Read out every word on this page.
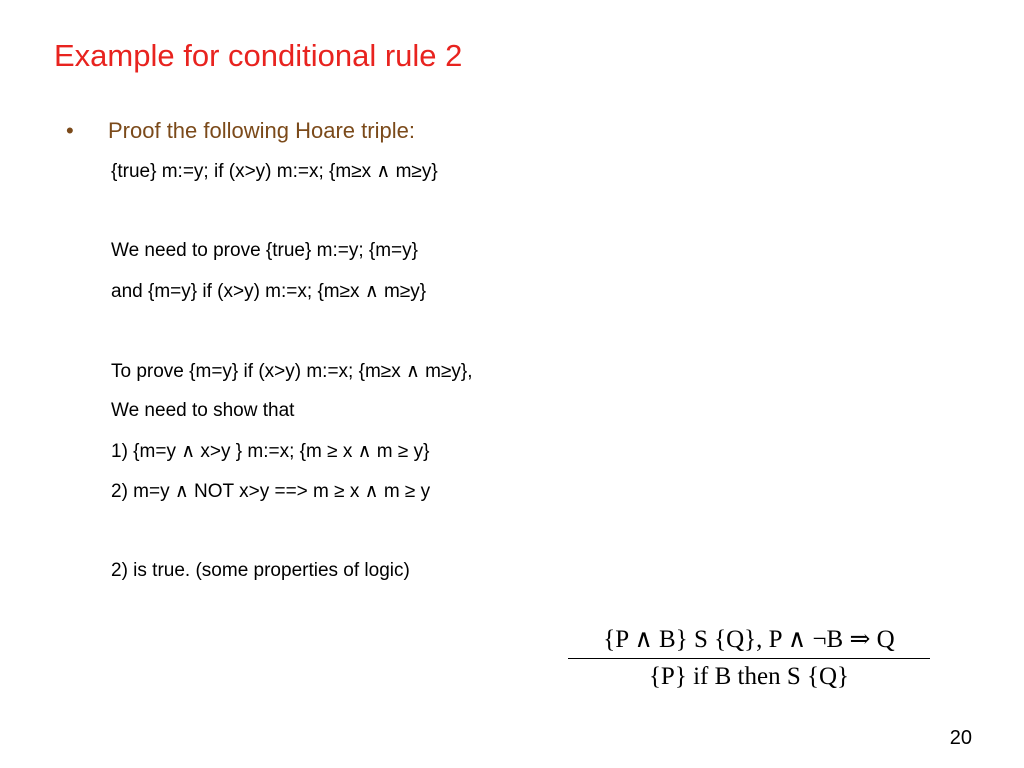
Example for conditional rule 2
• Proof the following Hoare triple:
{true} m:=y; if (x>y) m:=x; {m≥x ∧ m≥y}
We need to prove {true} m:=y; {m=y}
and {m=y} if (x>y) m:=x; {m≥x ∧ m≥y}
To prove {m=y} if (x>y) m:=x; {m≥x ∧ m≥y},
We need to show that
1) {m=y ∧ x>y } m:=x; {m ≥ x ∧ m ≥ y}
2) m=y ∧ NOT x>y ==> m ≥ x ∧ m ≥ y
2) is true. (some properties of logic)
{P ∧ B} S {Q}, P ∧ ¬B ⇒ Q
{P} if B then S {Q}
20
